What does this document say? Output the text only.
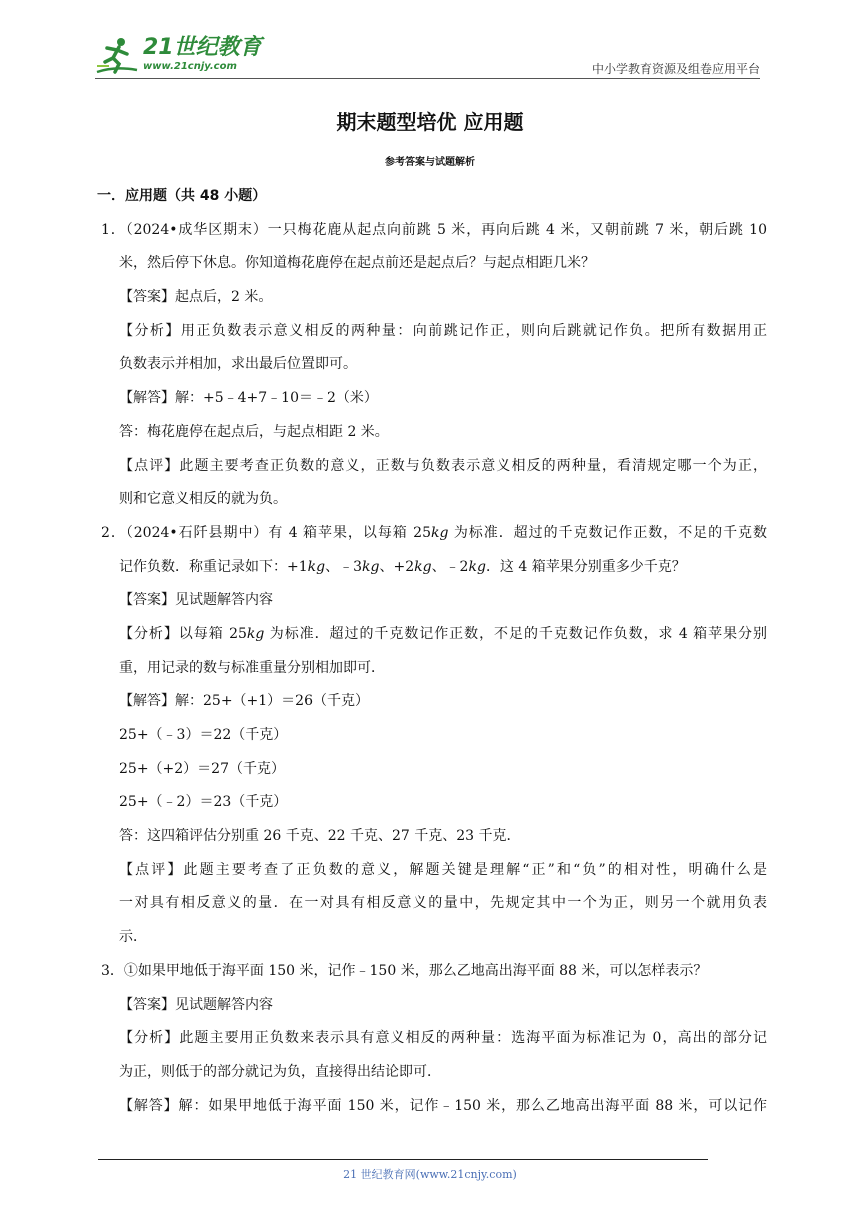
21世纪教育
www.21cnjy.com	中小学教育资源及组卷应用平台
期末题型培优 应用题
参考答案与试题解析
一．应用题（共 48 小题）
1．（2024•成华区期末）一只梅花鹿从起点向前跳 5 米，再向后跳 4 米，又朝前跳 7 米，朝后跳 10
米，然后停下休息。你知道梅花鹿停在起点前还是起点后？与起点相距几米？
【答案】起点后，2 米。
【分析】用正负数表示意义相反的两种量：向前跳记作正，则向后跳就记作负。把所有数据用正
负数表示并相加，求出最后位置即可。
【解答】解：+5﹣4+7﹣10＝﹣2（米）
答：梅花鹿停在起点后，与起点相距 2 米。
【点评】此题主要考查正负数的意义，正数与负数表示意义相反的两种量，看清规定哪一个为正，
则和它意义相反的就为负。
2．（2024•石阡县期中）有 4 箱苹果，以每箱 25kg 为标准．超过的千克数记作正数，不足的千克数
记作负数．称重记录如下：+1kg、﹣3kg、+2kg、﹣2kg．这 4 箱苹果分别重多少千克？
【答案】见试题解答内容
【分析】以每箱 25kg 为标准．超过的千克数记作正数，不足的千克数记作负数，求 4 箱苹果分别
重，用记录的数与标准重量分别相加即可．
【解答】解：25+（+1）＝26（千克）
25+（﹣3）＝22（千克）
25+（+2）＝27（千克）
25+（﹣2）＝23（千克）
答：这四箱评估分别重 26 千克、22 千克、27 千克、23 千克．
【点评】此题主要考查了正负数的意义，解题关键是理解“正”和“负”的相对性，明确什么是
一对具有相反意义的量．在一对具有相反意义的量中，先规定其中一个为正，则另一个就用负表
示．
3．①如果甲地低于海平面 150 米，记作﹣150 米，那么乙地高出海平面 88 米，可以怎样表示？
【答案】见试题解答内容
【分析】此题主要用正负数来表示具有意义相反的两种量：选海平面为标准记为 0，高出的部分记
为正，则低于的部分就记为负，直接得出结论即可．
【解答】解：如果甲地低于海平面 150 米，记作﹣150 米，那么乙地高出海平面 88 米，可以记作
21 世纪教育网(www.21cnjy.com)
